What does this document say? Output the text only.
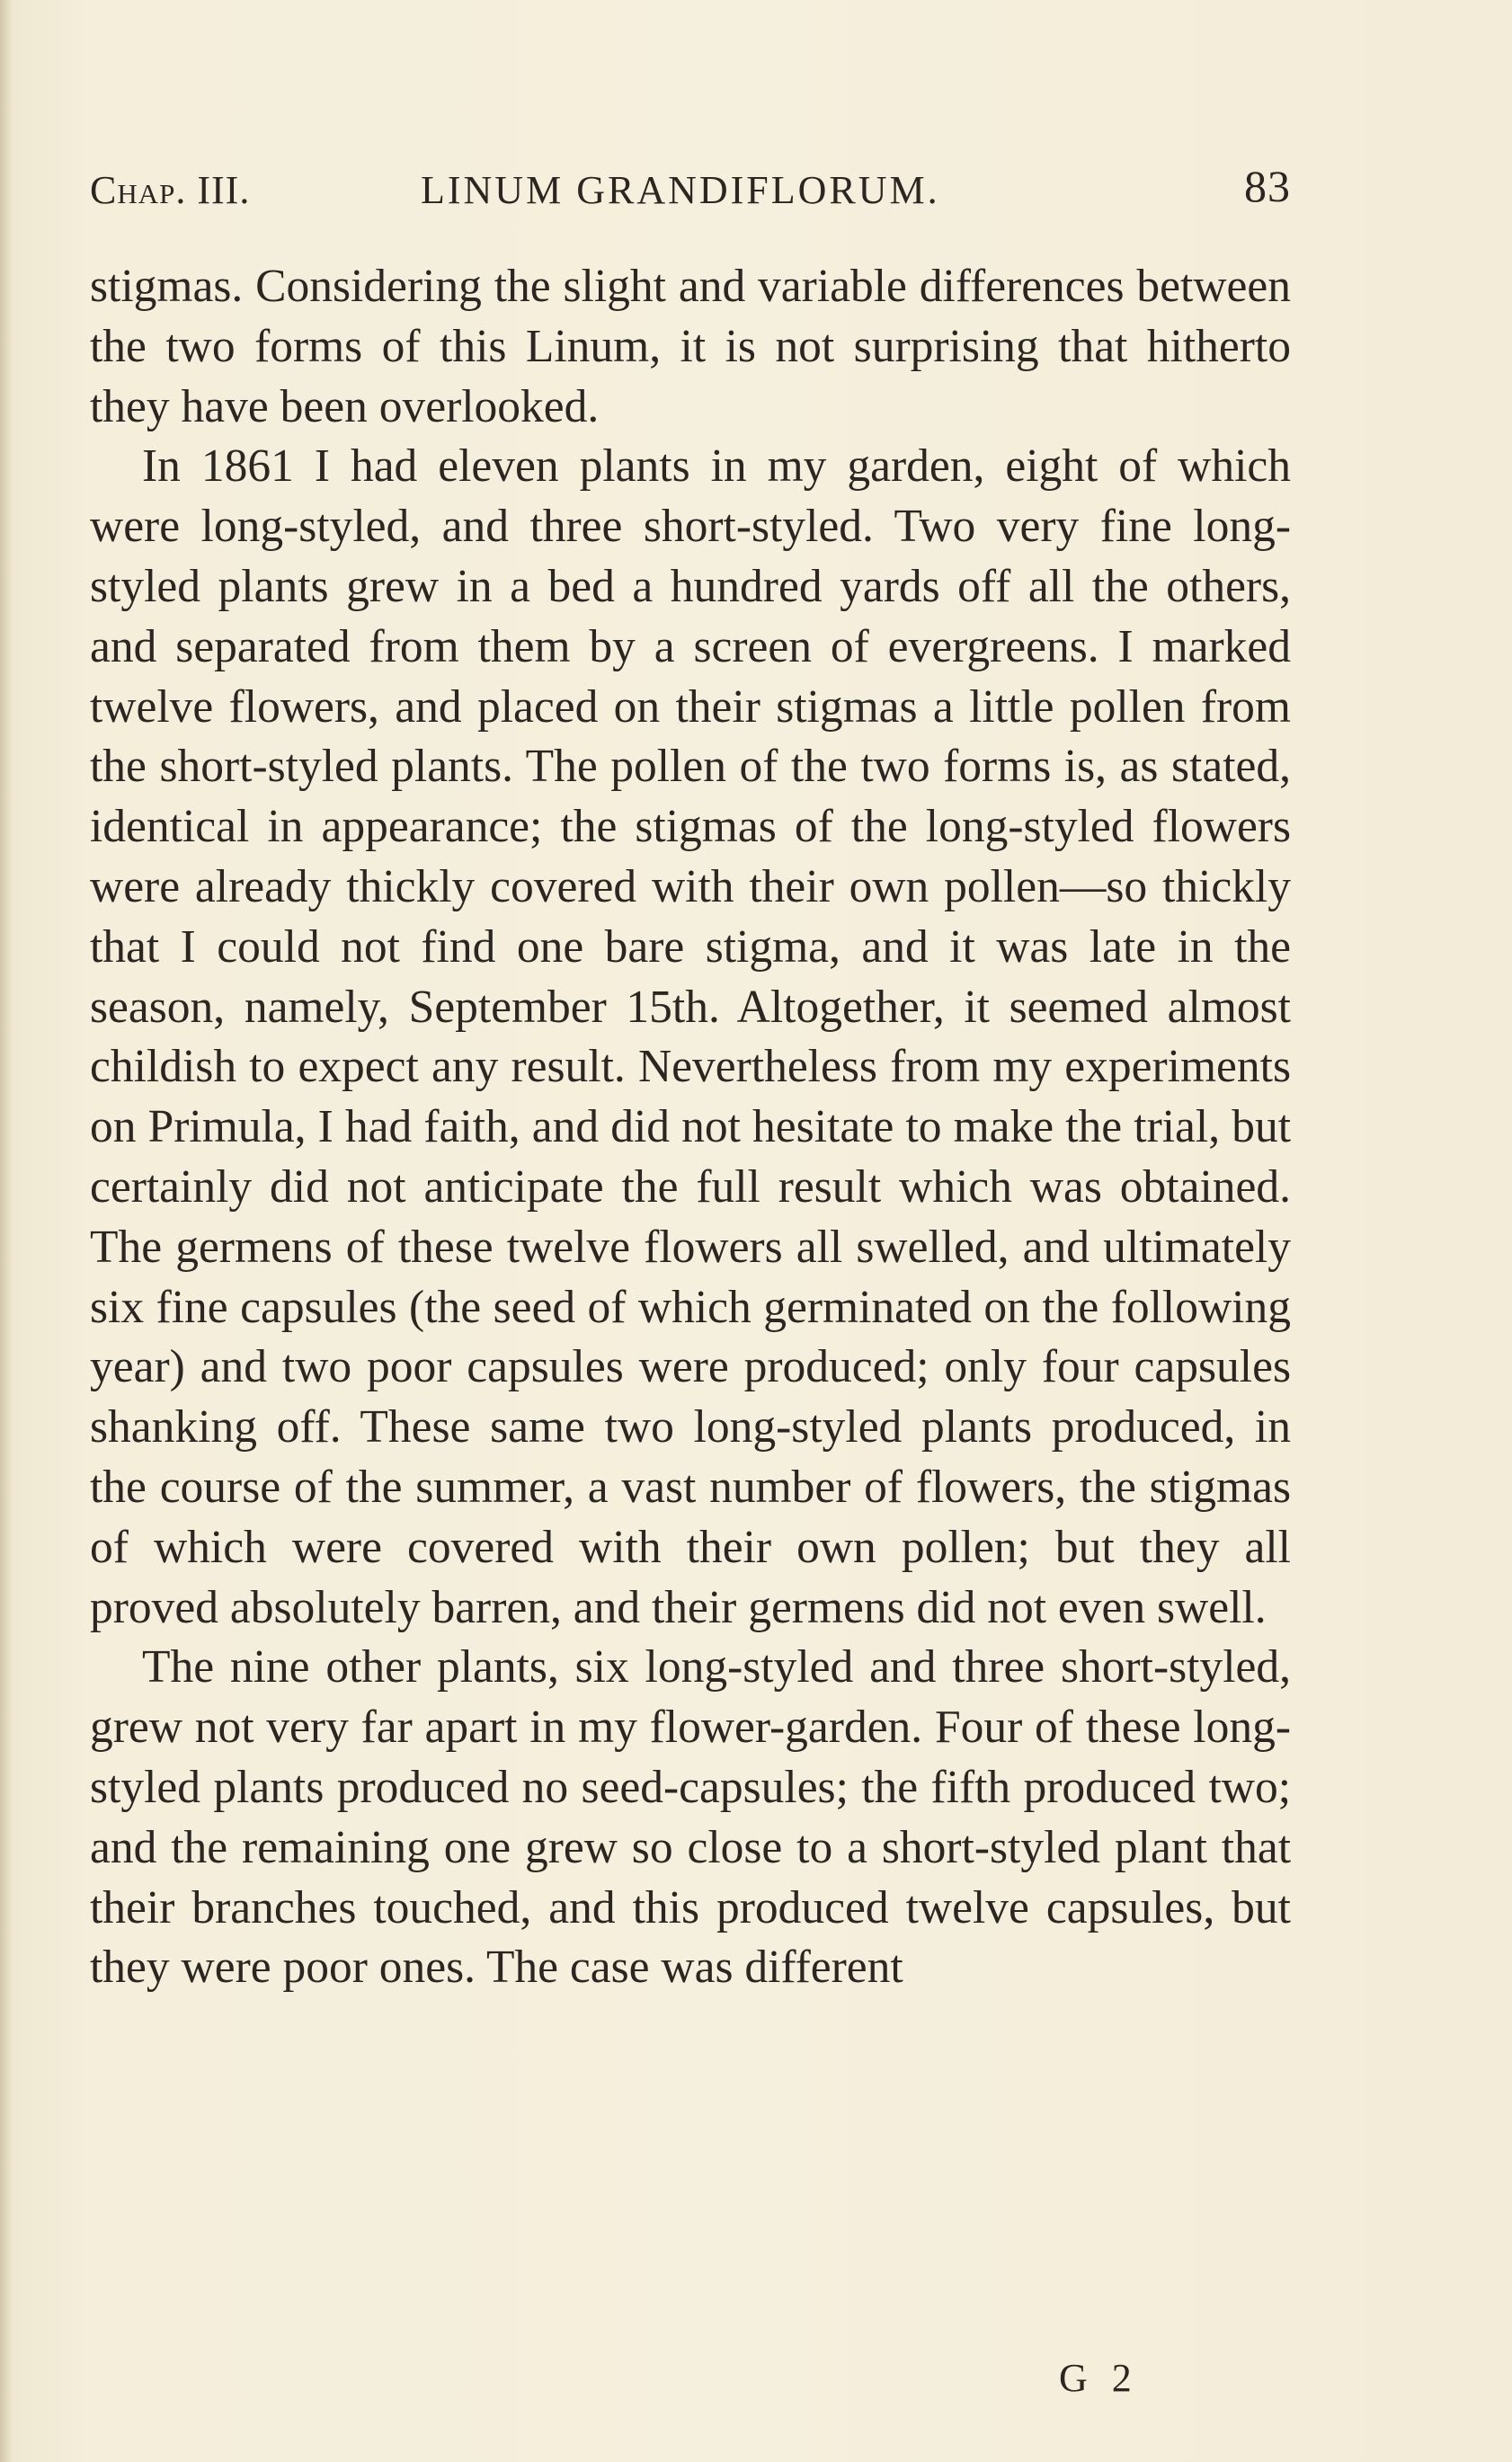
Chap. III.	LINUM GRANDIFLORUM.	83

stigmas. Considering the slight and variable differences between the two forms of this Linum, it is not surprising that hitherto they have been overlooked.

In 1861 I had eleven plants in my garden, eight of which were long-styled, and three short-styled. Two very fine long-styled plants grew in a bed a hundred yards off all the others, and separated from them by a screen of evergreens. I marked twelve flowers, and placed on their stigmas a little pollen from the short-styled plants. The pollen of the two forms is, as stated, identical in appearance; the stigmas of the long-styled flowers were already thickly covered with their own pollen—so thickly that I could not find one bare stigma, and it was late in the season, namely, September 15th. Altogether, it seemed almost childish to expect any result. Nevertheless from my experiments on Primula, I had faith, and did not hesitate to make the trial, but certainly did not anticipate the full result which was obtained. The germens of these twelve flowers all swelled, and ultimately six fine capsules (the seed of which germinated on the following year) and two poor capsules were produced; only four capsules shanking off. These same two long-styled plants produced, in the course of the summer, a vast number of flowers, the stigmas of which were covered with their own pollen; but they all proved absolutely barren, and their germens did not even swell.

The nine other plants, six long-styled and three short-styled, grew not very far apart in my flower-garden. Four of these long-styled plants produced no seed-capsules; the fifth produced two; and the remaining one grew so close to a short-styled plant that their branches touched, and this produced twelve capsules, but they were poor ones. The case was different

G 2
